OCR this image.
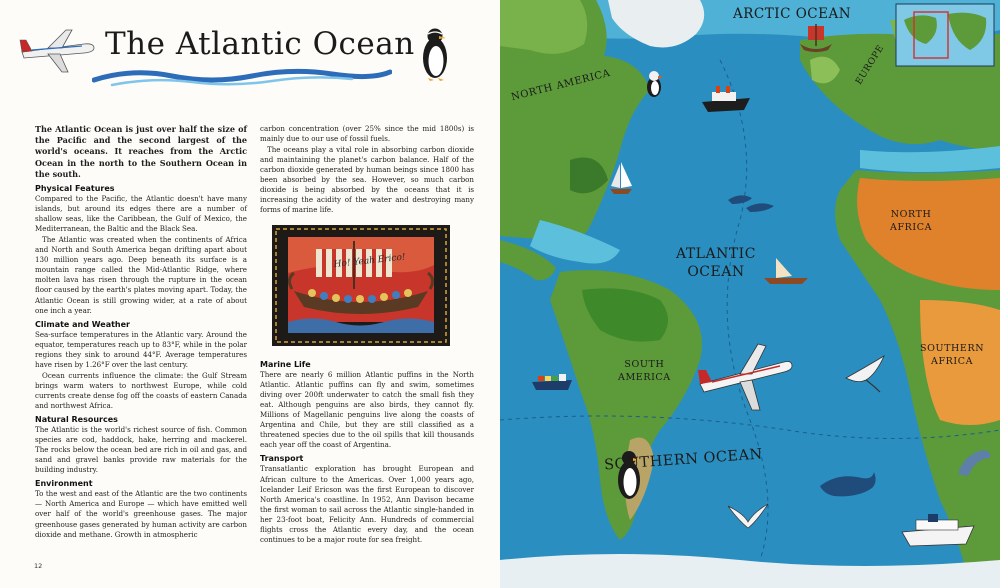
The Atlantic Ocean

The Atlantic Ocean is just over half the size of the Pacific and the second largest of the world's oceans. It reaches from the Arctic Ocean in the north to the Southern Ocean in the south.

Physical Features

Compared to the Pacific, the Atlantic doesn't have many islands, but around its edges there are a number of shallow seas, like the Caribbean, the Gulf of Mexico, the Mediterranean, the Baltic and the Black Sea.

The Atlantic was created when the continents of Africa and North and South America began drifting apart about 130 million years ago. Deep beneath its surface is a mountain range called the Mid-Atlantic Ridge, where molten lava has risen through the rupture in the ocean floor caused by the earth's plates moving apart. Today, the Atlantic Ocean is still growing wider, at a rate of about one inch a year.

Climate and Weather

Sea-surface temperatures in the Atlantic vary. Around the equator, temperatures reach up to 83°F, while in the polar regions they sink to around 44°F. Average temperatures have risen by 1.26°F over the last century.

Ocean currents influence the climate: the Gulf Stream brings warm waters to northwest Europe, while cold currents create dense fog off the coasts of eastern Canada and northwest Africa.

Natural Resources

The Atlantic is the world's richest source of fish. Common species are cod, haddock, hake, herring and mackerel. The rocks below the ocean bed are rich in oil and gas, and sand and gravel banks provide raw materials for the building industry.

Environment

To the west and east of the Atlantic are the two continents — North America and Europe — which have emitted well over half of the world's greenhouse gases. The major greenhouse gases generated by human activity are carbon dioxide and methane. Growth in atmospheric

carbon concentration (over 25% since the mid 1800s) is mainly due to our use of fossil fuels.

The oceans play a vital role in absorbing carbon dioxide and maintaining the planet's carbon balance. Half of the carbon dioxide generated by human beings since 1800 has been absorbed by the sea. However, so much carbon dioxide is being absorbed by the oceans that it is increasing the acidity of the water and destroying many forms of marine life.

Ho! Yeah Erico!
Marine Life

There are nearly 6 million Atlantic puffins in the North Atlantic. Atlantic puffins can fly and swim, sometimes diving over 200ft underwater to catch the small fish they eat. Although penguins are also birds, they cannot fly. Millions of Magellanic penguins live along the coasts of Argentina and Chile, but they are still classified as a threatened species due to the oil spills that kill thousands each year off the coast of Argentina.

Transport

Transatlantic exploration has brought European and African culture to the Americas. Over 1,000 years ago, Icelander Leif Ericson was the first European to discover North America's coastline. In 1952, Ann Davison became the first woman to sail across the Atlantic single-handed in her 23-foot boat, Felicity Ann. Hundreds of commercial flights cross the Atlantic every day, and the ocean continues to be a major route for sea freight.

12
ARCTIC OCEAN
ATLANTIC
OCEAN
SOUTHERN OCEAN
NORTH AMERICA	EUROPE
NORTH
AFRICA
SOUTH
AMERICA
SOUTHERN
AFRICA
